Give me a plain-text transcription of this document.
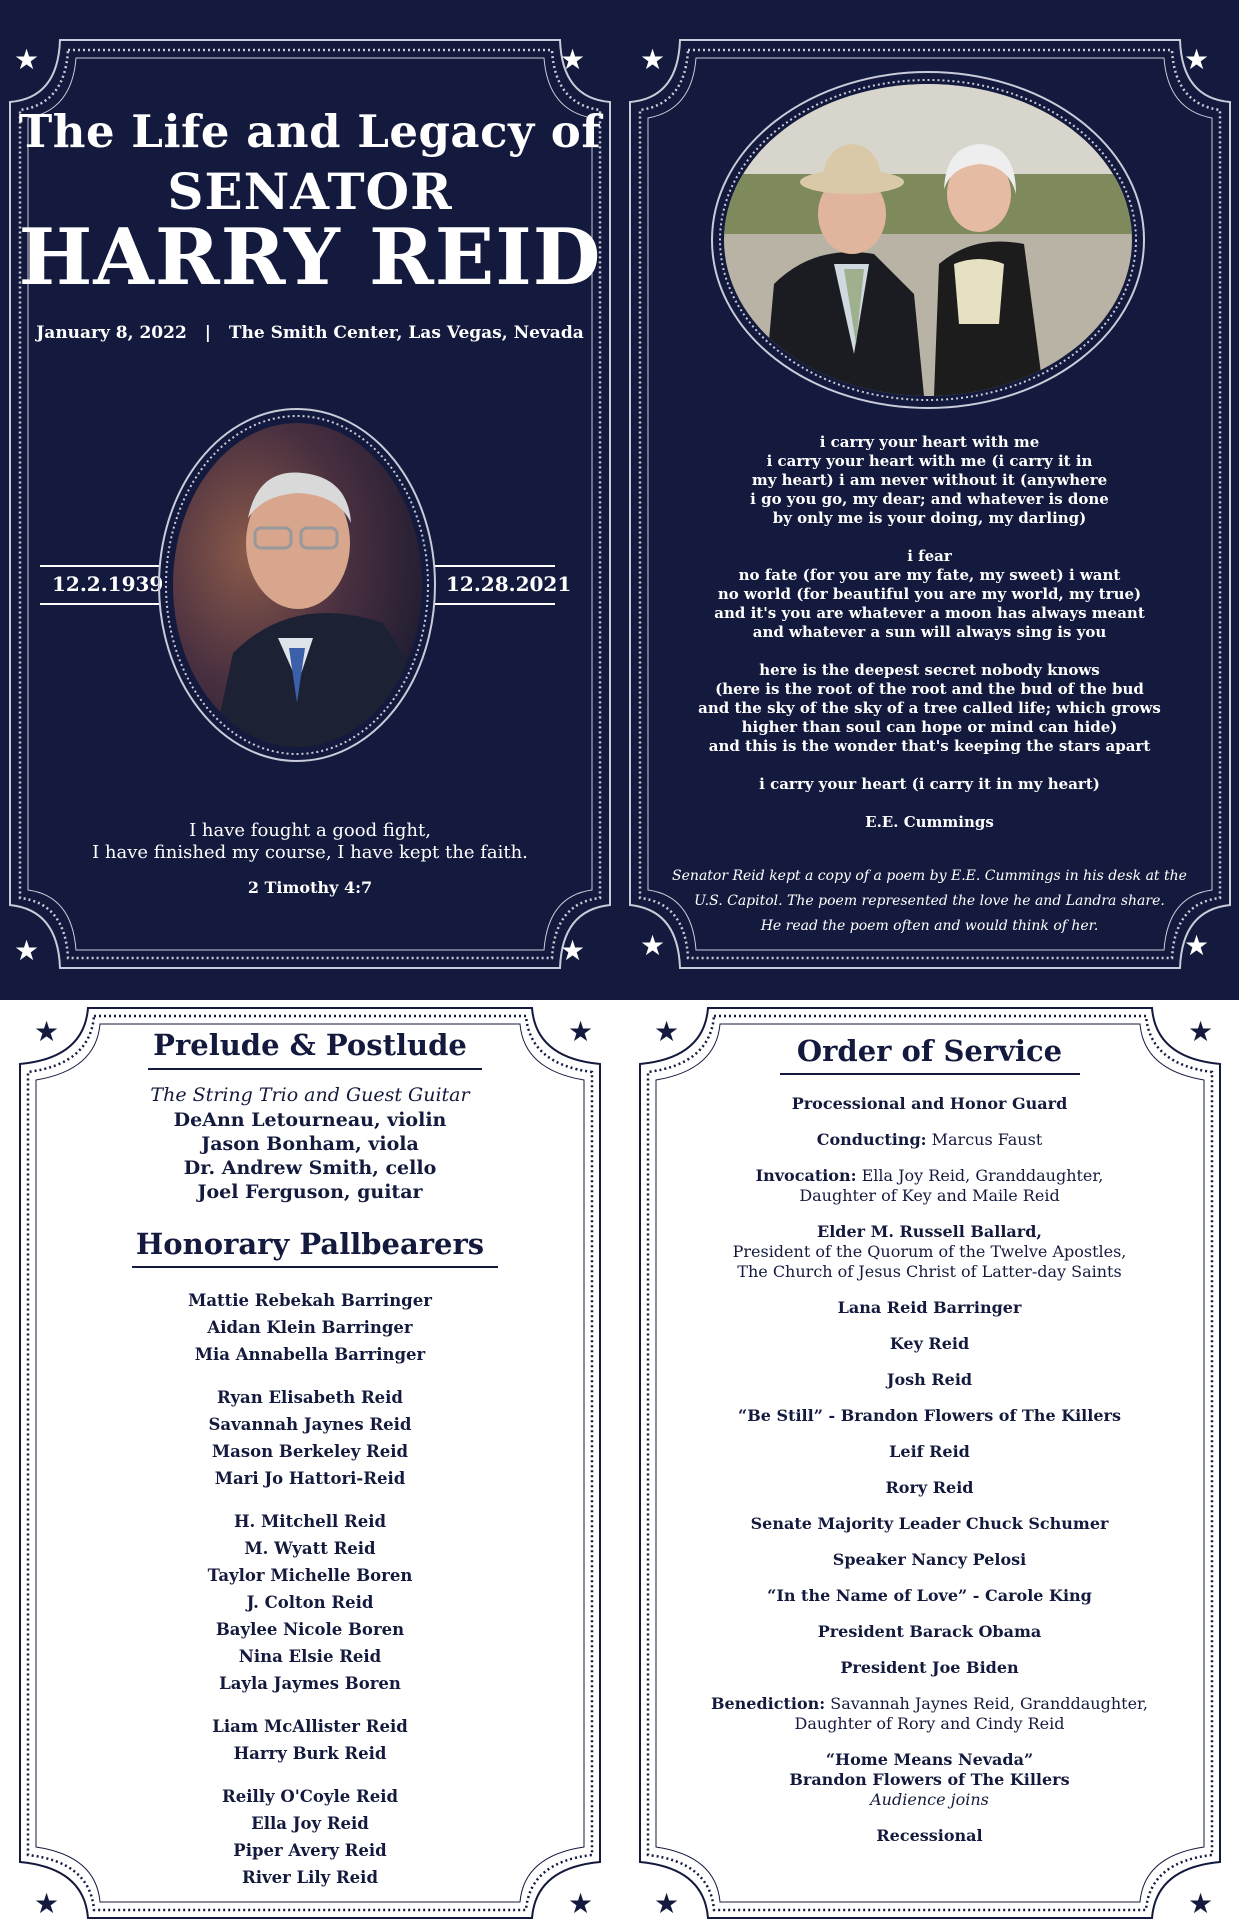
★	★
★	★
The Life and Legacy of
SENATOR
HARRY REID
January 8, 2022 | The Smith Center, Las Vegas, Nevada
12.2.1939	12.28.2021
I have fought a good fight,
I have finished my course, I have kept the faith.
2 Timothy 4:7
★	★
★	★

i carry your heart with me
i carry your heart with me (i carry it in
my heart) i am never without it (anywhere
i go you go, my dear; and whatever is done
by only me is your doing, my darling)

i fear
no fate (for you are my fate, my sweet) i want
no world (for beautiful you are my world, my true)
and it's you are whatever a moon has always meant
and whatever a sun will always sing is you

here is the deepest secret nobody knows
(here is the root of the root and the bud of the bud
and the sky of the sky of a tree called life; which grows
higher than soul can hope or mind can hide)
and this is the wonder that's keeping the stars apart

i carry your heart (i carry it in my heart)

E.E. Cummings

Senator Reid kept a copy of a poem by E.E. Cummings in his desk at the
U.S. Capitol. The poem represented the love he and Landra share.
He read the poem often and would think of her.
★	★
★	★
Prelude & Postlude
The String Trio and Guest Guitar
DeAnn Letourneau, violin
Jason Bonham, viola
Dr. Andrew Smith, cello
Joel Ferguson, guitar
Honorary Pallbearers
Mattie Rebekah Barringer
Aidan Klein Barringer
Mia Annabella Barringer
Ryan Elisabeth Reid
Savannah Jaynes Reid
Mason Berkeley Reid
Mari Jo Hattori-Reid
H. Mitchell Reid
M. Wyatt Reid
Taylor Michelle Boren
J. Colton Reid
Baylee Nicole Boren
Nina Elsie Reid
Layla Jaymes Boren
Liam McAllister Reid
Harry Burk Reid
Reilly O'Coyle Reid
Ella Joy Reid
Piper Avery Reid
River Lily Reid
★	★
★	★
Order of Service
Processional and Honor Guard
Conducting: Marcus Faust
Invocation: Ella Joy Reid, Granddaughter,
Daughter of Key and Maile Reid
Elder M. Russell Ballard,
President of the Quorum of the Twelve Apostles,
The Church of Jesus Christ of Latter-day Saints
Lana Reid Barringer
Key Reid
Josh Reid
“Be Still” - Brandon Flowers of The Killers
Leif Reid
Rory Reid
Senate Majority Leader Chuck Schumer
Speaker Nancy Pelosi
“In the Name of Love” - Carole King
President Barack Obama
President Joe Biden
Benediction: Savannah Jaynes Reid, Granddaughter,
Daughter of Rory and Cindy Reid
“Home Means Nevada”
Brandon Flowers of The Killers
Audience joins
Recessional
